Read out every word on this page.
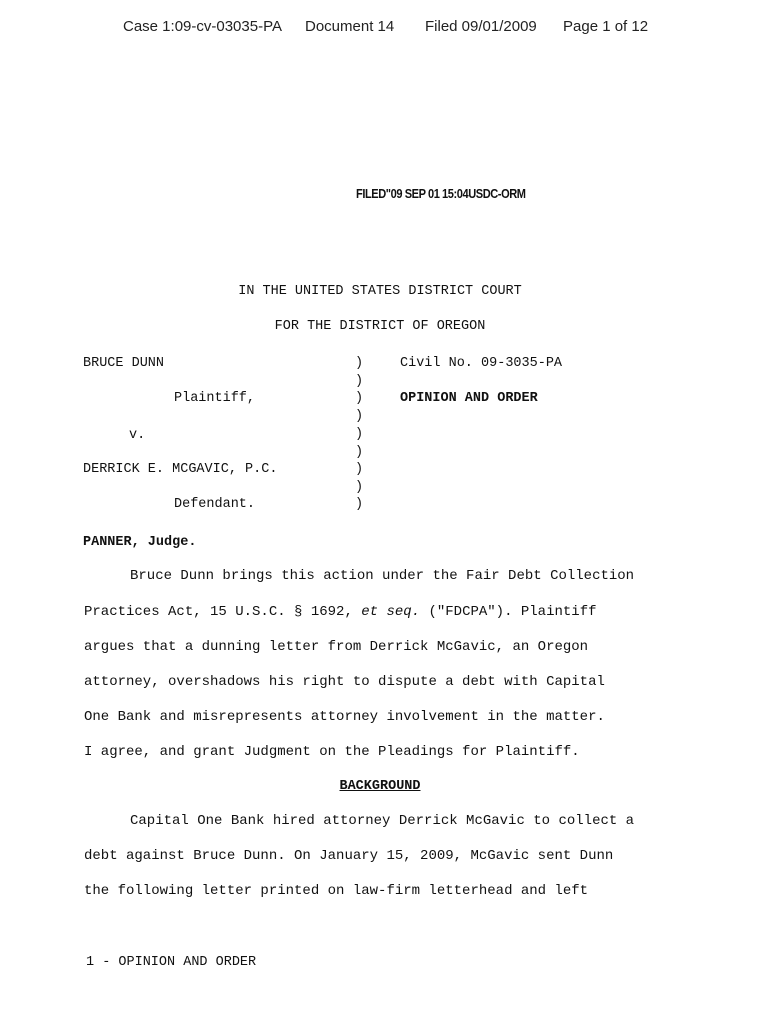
Case 1:09-cv-03035-PA Document 14 Filed 09/01/2009 Page 1 of 12
FILED"09 SEP 01 15:04USDC-ORM
IN THE UNITED STATES DISTRICT COURT
FOR THE DISTRICT OF OREGON
BRUCE DUNN
Plaintiff,
v.
DERRICK E. MCGAVIC, P.C.
Defendant.
)
)
)
)
)
)
)
)
)
Civil No. 09-3035-PA
OPINION AND ORDER
PANNER, Judge.
Bruce Dunn brings this action under the Fair Debt Collection
Practices Act, 15 U.S.C. § 1692, et seq. ("FDCPA"). Plaintiff
argues that a dunning letter from Derrick McGavic, an Oregon
attorney, overshadows his right to dispute a debt with Capital
One Bank and misrepresents attorney involvement in the matter.
I agree, and grant Judgment on the Pleadings for Plaintiff.
BACKGROUND
Capital One Bank hired attorney Derrick McGavic to collect a
debt against Bruce Dunn. On January 15, 2009, McGavic sent Dunn
the following letter printed on law-firm letterhead and left
1 - OPINION AND ORDER
